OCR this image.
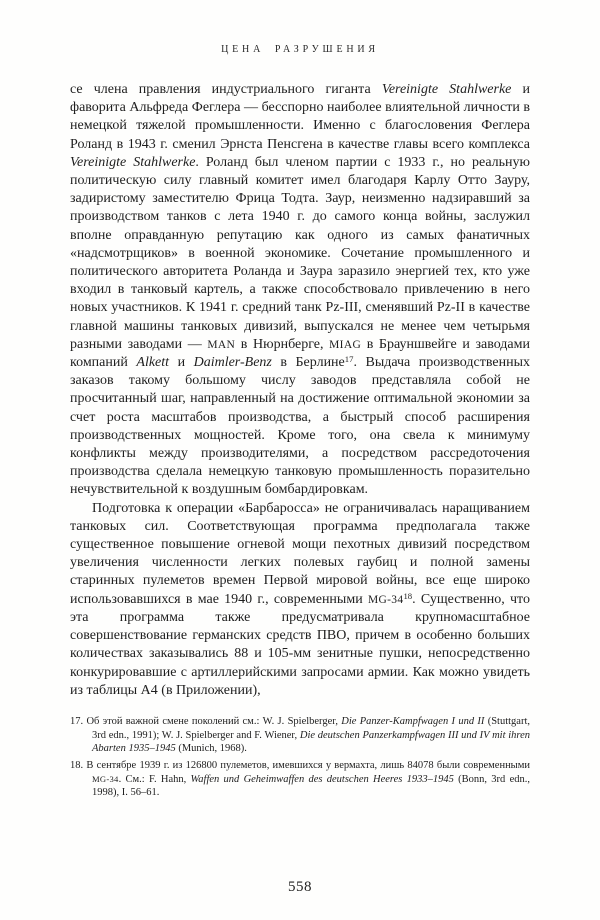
ЦЕНА РАЗРУШЕНИЯ

се члена правления индустриального гиганта Vereinigte Stahlwerke и фаворита Альфреда Феглера — бесспорно наиболее влиятельной личности в немецкой тяжелой промышленности. Именно с благословения Феглера Роланд в 1943 г. сменил Эрнста Пенсгена в качестве главы всего комплекса Vereinigte Stahlwerke. Роланд был членом партии с 1933 г., но реальную политическую силу главный комитет имел благодаря Карлу Отто Зауру, задиристому заместителю Фрица Тодта. Заур, неизменно надзиравший за производством танков с лета 1940 г. до самого конца войны, заслужил вполне оправданную репутацию как одного из самых фанатичных «надсмотрщиков» в военной экономике. Сочетание промышленного и политического авторитета Роланда и Заура заразило энергией тех, кто уже входил в танковый картель, а также способствовало привлечению в него новых участников. К 1941 г. средний танк Pz-III, сменявший Pz-II в качестве главной машины танковых дивизий, выпускался не менее чем четырьмя разными заводами — MAN в Нюрнберге, MIAG в Брауншвейге и заводами компаний Alkett и Daimler-Benz в Берлине$^{17}$. Выдача производственных заказов такому большому числу заводов представляла собой не просчитанный шаг, направленный на достижение оптимальной экономии за счет роста масштабов производства, а быстрый способ расширения производственных мощностей. Кроме того, она свела к минимуму конфликты между производителями, а посредством рассредоточения производства сделала немецкую танковую промышленность поразительно нечувствительной к воздушным бомбардировкам.

Подготовка к операции «Барбаросса» не ограничивалась наращиванием танковых сил. Соответствующая программа предполагала также существенное повышение огневой мощи пехотных дивизий посредством увеличения численности легких полевых гаубиц и полной замены старинных пулеметов времен Первой мировой войны, все еще широко использовавшихся в мае 1940 г., современными $MG-34^{18}$. Существенно, что эта программа также предусматривала крупномасштабное совершенствование германских средств ПВО, причем в особенно больших количествах заказывались 88 и 105-мм зенитные пушки, непосредственно конкурировавшие с артиллерийскими запросами армии. Как можно увидеть из таблицы А4 (в Приложении),

17. Об этой важной смене поколений см.: W. J. Spielberger, Die Panzer-Kampfwagen I und II (Stuttgart, 3rd edn., 1991); W. J. Spielberger and F. Wiener, Die deutschen Panzerkampfwagen III und IV mit ihren Abarten 1935–1945 (Munich, 1968).

18. В сентябре 1939 г. из 126800 пулеметов, имевшихся у вермахта, лишь 84078 были современными MG-34. См.: F. Hahn, Waffen und Geheimwaffen des deutschen Heeres 1933–1945 (Bonn, 3rd edn., 1998), I. 56–61.

558
